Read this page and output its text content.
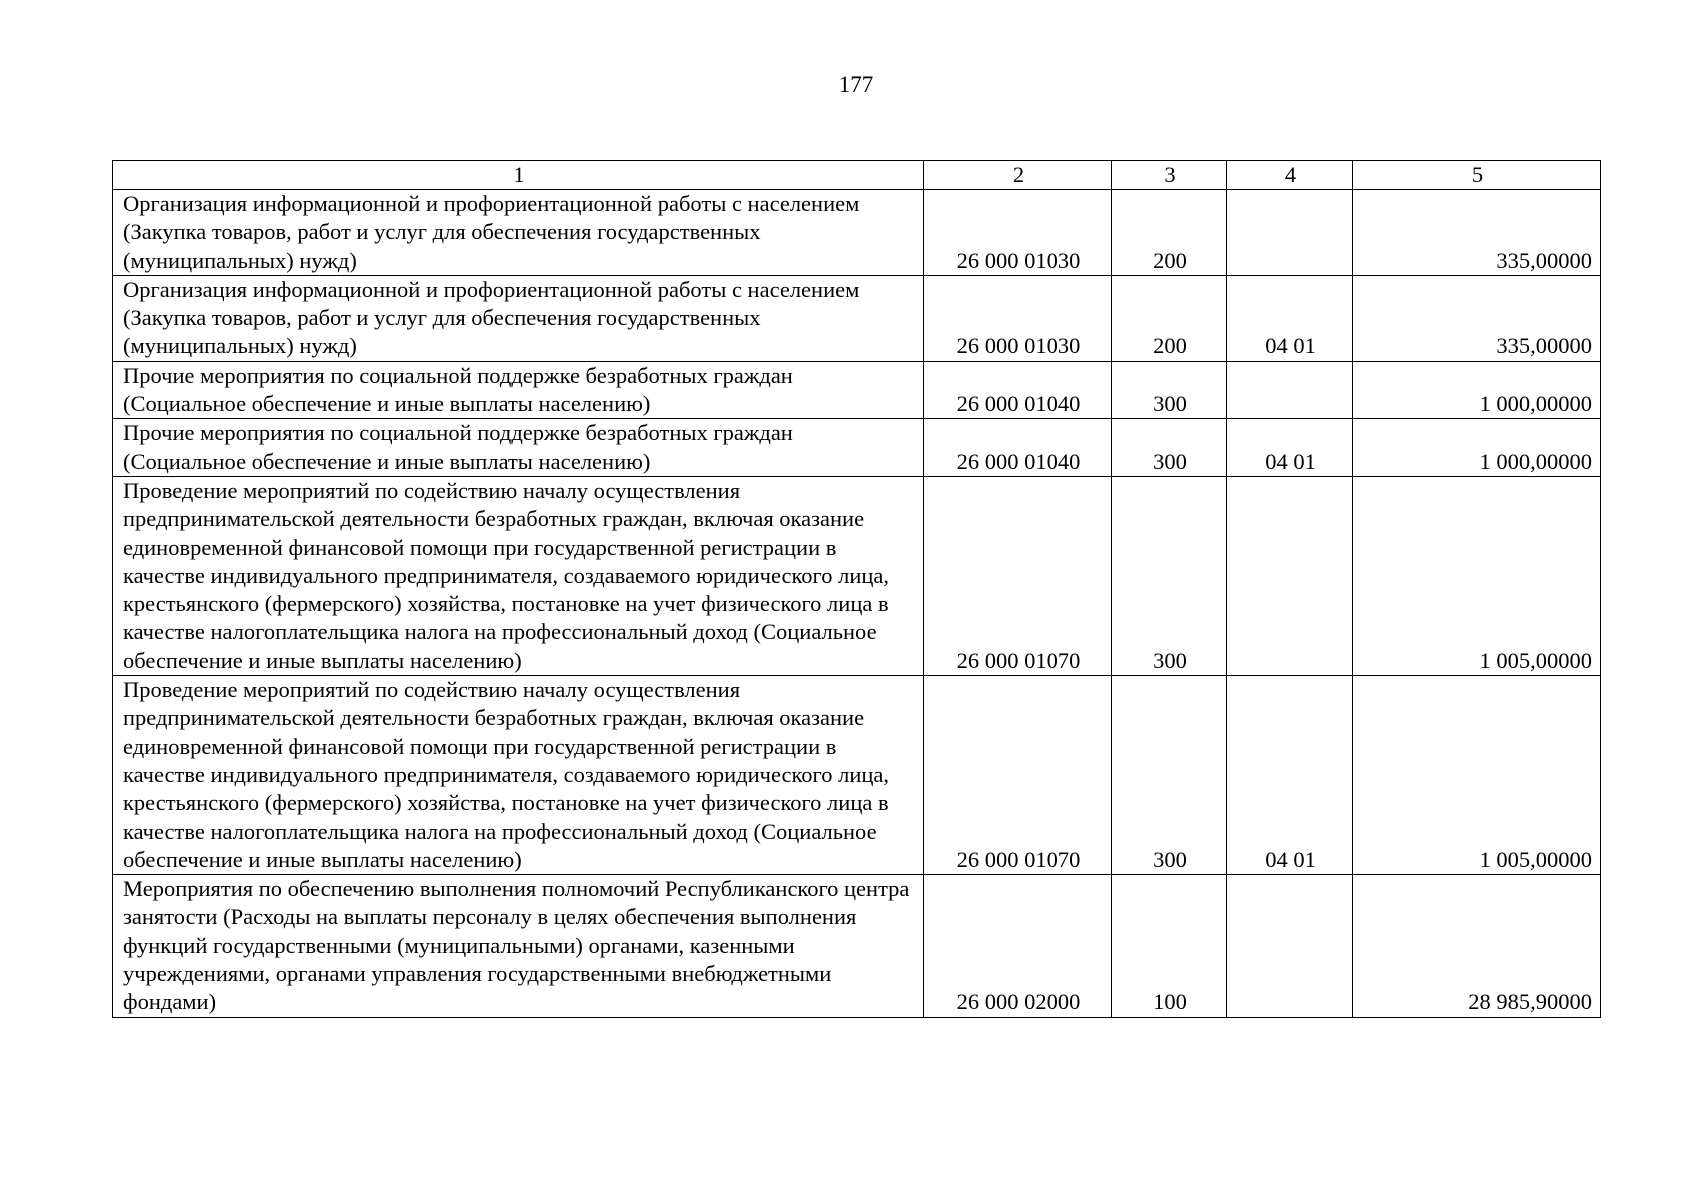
177
1	2	3	4	5
Организация информационной и профориентационной работы с населением (Закупка товаров, работ и услуг для обеспечения государственных (муниципальных) нужд)	26 000 01030	200		335,00000
Организация информационной и профориентационной работы с населением (Закупка товаров, работ и услуг для обеспечения государственных (муниципальных) нужд)	26 000 01030	200	04 01	335,00000
Прочие мероприятия по социальной поддержке безработных граждан (Социальное обеспечение и иные выплаты населению)	26 000 01040	300		1 000,00000
Прочие мероприятия по социальной поддержке безработных граждан (Социальное обеспечение и иные выплаты населению)	26 000 01040	300	04 01	1 000,00000
Проведение мероприятий по содействию началу осуществления предпринимательской деятельности безработных граждан, включая оказание единовременной финансовой помощи при государственной регистрации в качестве индивидуального предпринимателя, создаваемого юридического лица, крестьянского (фермерского) хозяйства, постановке на учет физического лица в качестве налогоплательщика налога на профессиональный доход (Социальное обеспечение и иные выплаты населению)	26 000 01070	300		1 005,00000
Проведение мероприятий по содействию началу осуществления предпринимательской деятельности безработных граждан, включая оказание единовременной финансовой помощи при государственной регистрации в качестве индивидуального предпринимателя, создаваемого юридического лица, крестьянского (фермерского) хозяйства, постановке на учет физического лица в качестве налогоплательщика налога на профессиональный доход (Социальное обеспечение и иные выплаты населению)	26 000 01070	300	04 01	1 005,00000
Мероприятия по обеспечению выполнения полномочий Республиканского центра занятости (Расходы на выплаты персоналу в целях обеспечения выполнения функций государственными (муниципальными) органами, казенными учреждениями, органами управления государственными внебюджетными фондами)	26 000 02000	100		28 985,90000
